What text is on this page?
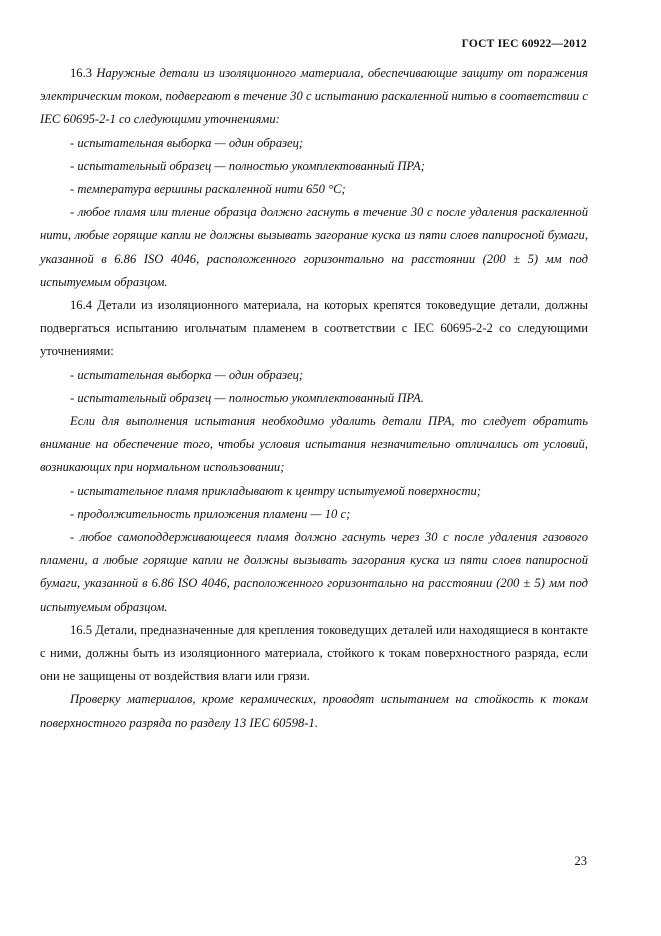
ГОСТ IEC 60922—2012

16.3 Наружные детали из изоляционного материала, обеспечивающие защиту от поражения электрическим током, подвергают в течение 30 с испытанию раскаленной нитью в соответствии с IEC 60695-2-1 со следующими уточнениями:

- испытательная выборка — один образец;

- испытательный образец — полностью укомплектованный ПРА;

- температура вершины раскаленной нити 650 °С;

- любое пламя или тление образца должно гаснуть в течение 30 с после удаления раскаленной нити, любые горящие капли не должны вызывать загорание куска из пяти слоев папиросной бумаги, указанной в 6.86 ISO 4046, расположенного горизонтально на расстоянии (200 ± 5) мм под испытуемым образцом.

16.4 Детали из изоляционного материала, на которых крепятся токоведущие детали, должны подвергаться испытанию игольчатым пламенем в соответствии с IEC 60695-2-2 со следующими уточнениями:

- испытательная выборка — один образец;

- испытательный образец — полностью укомплектованный ПРА.

Если для выполнения испытания необходимо удалить детали ПРА, то следует обратить внимание на обеспечение того, чтобы условия испытания незначительно отличались от условий, возникающих при нормальном использовании;

- испытательное пламя прикладывают к центру испытуемой поверхности;

- продолжительность приложения пламени — 10 с;

- любое самоподдерживающееся пламя должно гаснуть через 30 с после удаления газового пламени, а любые горящие капли не должны вызывать загорания куска из пяти слоев папиросной бумаги, указанной в 6.86 ISO 4046, расположенного горизонтально на расстоянии (200 ± 5) мм под испытуемым образцом.

16.5 Детали, предназначенные для крепления токоведущих деталей или находящиеся в контакте с ними, должны быть из изоляционного материала, стойкого к токам поверхностного разряда, если они не защищены от воздействия влаги или грязи.

Проверку материалов, кроме керамических, проводят испытанием на стойкость к токам поверхностного разряда по разделу 13 IEC 60598-1.

23
